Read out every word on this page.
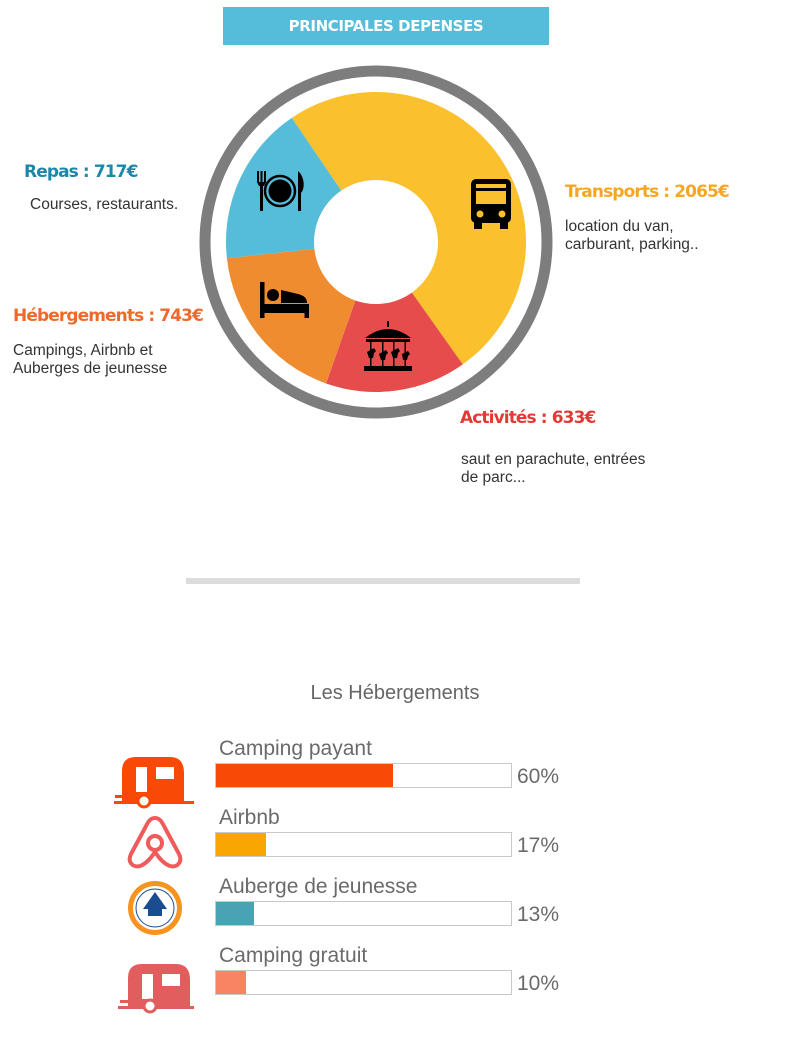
PRINCIPALES DEPENSES
Repas : 717€
Courses, restaurants.
Transports : 2065€
location du van,
carburant, parking..
Hébergements : 743€
Campings, Airbnb et
Auberges de jeunesse
Activités : 633€
saut en parachute, entrées
de parc...
Les Hébergements
Camping payant
60%
Airbnb
17%
Auberge de jeunesse
13%
Camping gratuit
10%
